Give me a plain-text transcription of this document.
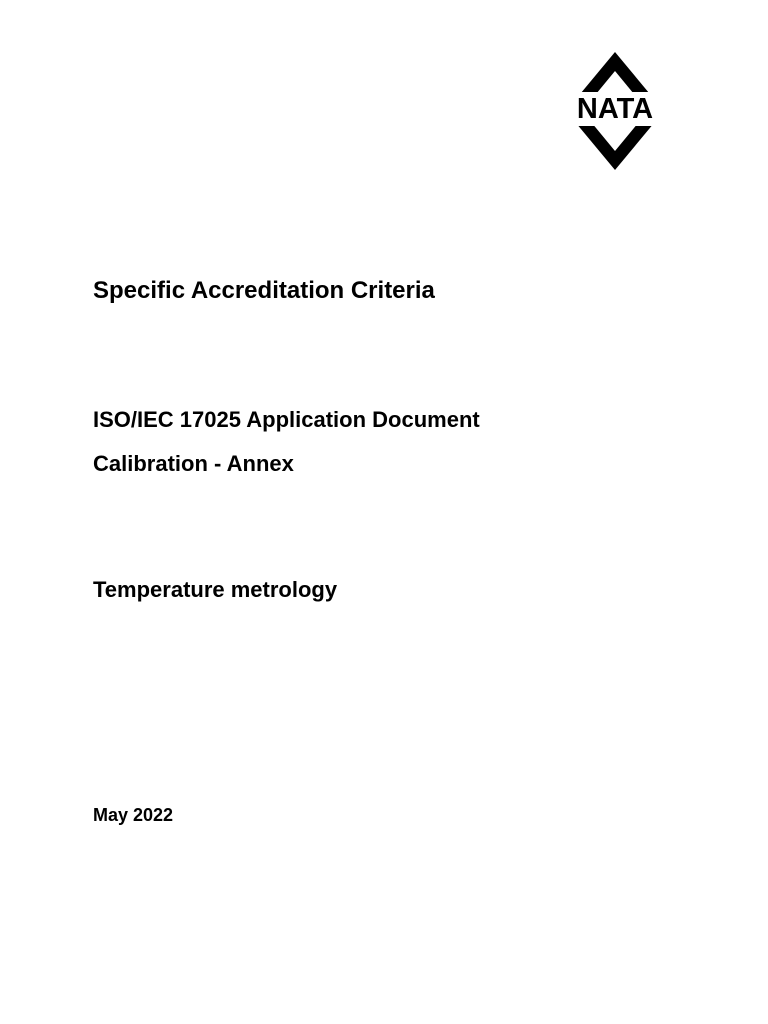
NATA
Specific Accreditation Criteria
ISO/IEC 17025 Application Document
Calibration - Annex
Temperature metrology

May 2022
